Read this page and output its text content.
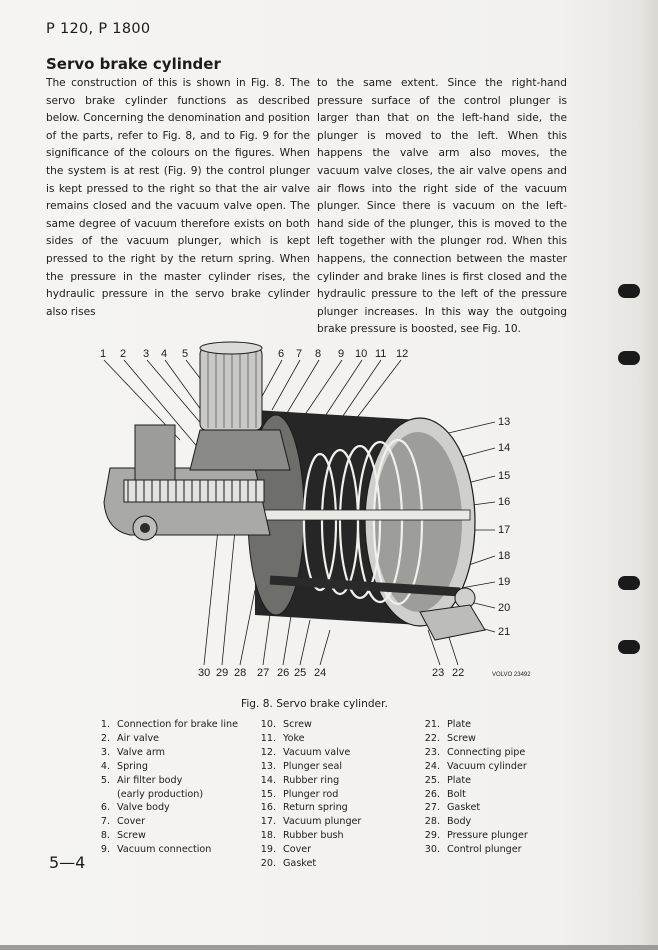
P 120, P 1800
Servo brake cylinder
The construction of this is shown in Fig. 8. The servo brake cylinder functions as described below. Concerning the denomination and position of the parts, refer to Fig. 8, and to Fig. 9 for the significance of the colours on the figures. When the system is at rest (Fig. 9) the control plunger is kept pressed to the right so that the air valve remains closed and the vacuum valve open. The same degree of vacuum therefore exists on both sides of the vacuum plunger, which is kept pressed to the right by the return spring. When the pressure in the master cylinder rises, the hydraulic pressure in the servo brake cylinder also rises
to the same extent. Since the right-hand pressure surface of the control plunger is larger than that on the left-hand side, the plunger is moved to the left. When this happens the valve arm also moves, the vacuum valve closes, the air valve opens and air flows into the right side of the vacuum plunger. Since there is vacuum on the left-hand side of the plunger, this is moved to the left together with the plunger rod. When this happens, the connection between the master cylinder and brake lines is first closed and the hydraulic pressure to the left of the pressure plunger increases. In this way the outgoing brake pressure is boosted, see Fig. 10.
1 2 3 4 5	6 7 8 9 10 11 12
13
14
15
16
17
18
19
20
21
22
23
24
25
26
27
28
29
30	VOLVO 23492
Fig. 8. Servo brake cylinder.
1. Connection for brake line
2. Air valve
3. Valve arm
4. Spring
5. Air filter body
(early production)
6. Valve body
7. Cover
8. Screw
9. Vacuum connection
10. Screw
11. Yoke
12. Vacuum valve
13. Plunger seal
14. Rubber ring
15. Plunger rod
16. Return spring
17. Vacuum plunger
18. Rubber bush
19. Cover
20. Gasket
21. Plate
22. Screw
23. Connecting pipe
24. Vacuum cylinder
25. Plate
26. Bolt
27. Gasket
28. Body
29. Pressure plunger
30. Control plunger
5—4
